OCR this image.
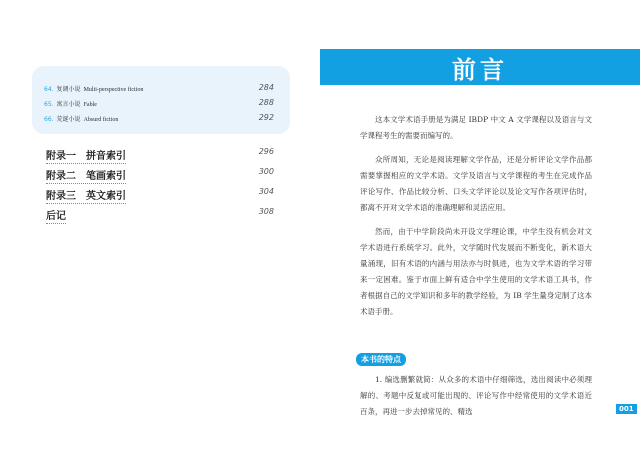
64. 复调小说 Multi-perspective fiction	284
65. 寓言小说 Fable	288
66. 荒诞小说 Absurd fiction	292
附录一　拼音索引	296
附录二　笔画索引	300
附录三　英文索引	304
后记	308
前言

这本文学术语手册是为满足 IBDP 中文 A 文学课程以及语言与文学课程考生的需要而编写的。

众所周知，无论是阅读理解文学作品，还是分析评论文学作品都需要掌握相应的文学术语。文学及语言与文学课程的考生在完成作品评论写作、作品比较分析、口头文学评论以及论文写作各项评估时，都离不开对文学术语的准确理解和灵活应用。

然而，由于中学阶段尚未开设文学理论课，中学生没有机会对文学术语进行系统学习。此外，文学随时代发展而不断变化，新术语大量涌现，旧有术语的内涵与用法亦与时俱进，也为文学术语的学习带来一定困难。鉴于市面上鲜有适合中学生使用的文学术语工具书，作者根据自己的文学知识和多年的教学经验，为 IB 学生量身定制了这本术语手册。

本书的特点

1. 编选删繁就简：从众多的术语中仔细筛选，选出阅读中必须理解的、考题中反复或可能出现的、评论写作中经常使用的文学术语近百条，再进一步去掉常见的、精选	001
